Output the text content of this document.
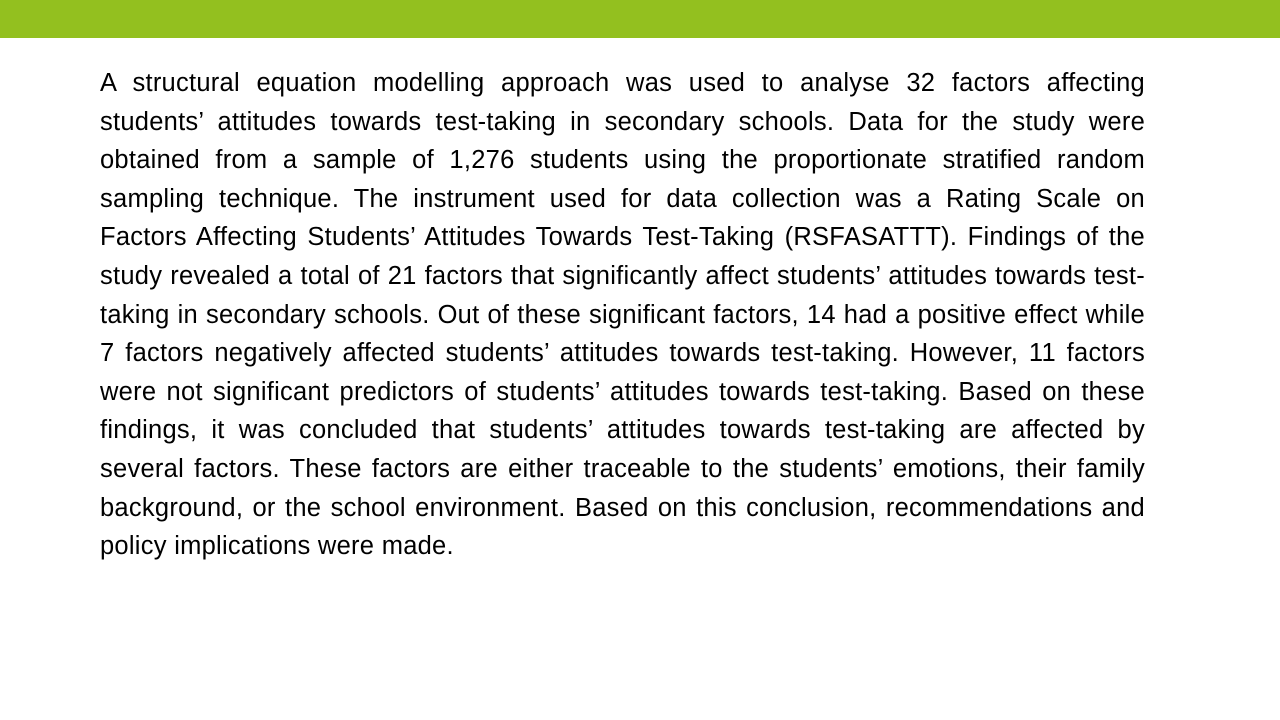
A structural equation modelling approach was used to analyse 32 factors affecting students’ attitudes towards test-taking in secondary schools. Data for the study were obtained from a sample of 1,276 students using the proportionate stratified random sampling technique. The instrument used for data collection was a Rating Scale on Factors Affecting Students’ Attitudes Towards Test-Taking (RSFASATTT). Findings of the study revealed a total of 21 factors that significantly affect students’ attitudes towards test-taking in secondary schools. Out of these significant factors, 14 had a positive effect while 7 factors negatively affected students’ attitudes towards test-taking. However, 11 factors were not significant predictors of students’ attitudes towards test-taking. Based on these findings, it was concluded that students’ attitudes towards test-taking are affected by several factors. These factors are either traceable to the students’ emotions, their family background, or the school environment. Based on this conclusion, recommendations and policy implications were made.
